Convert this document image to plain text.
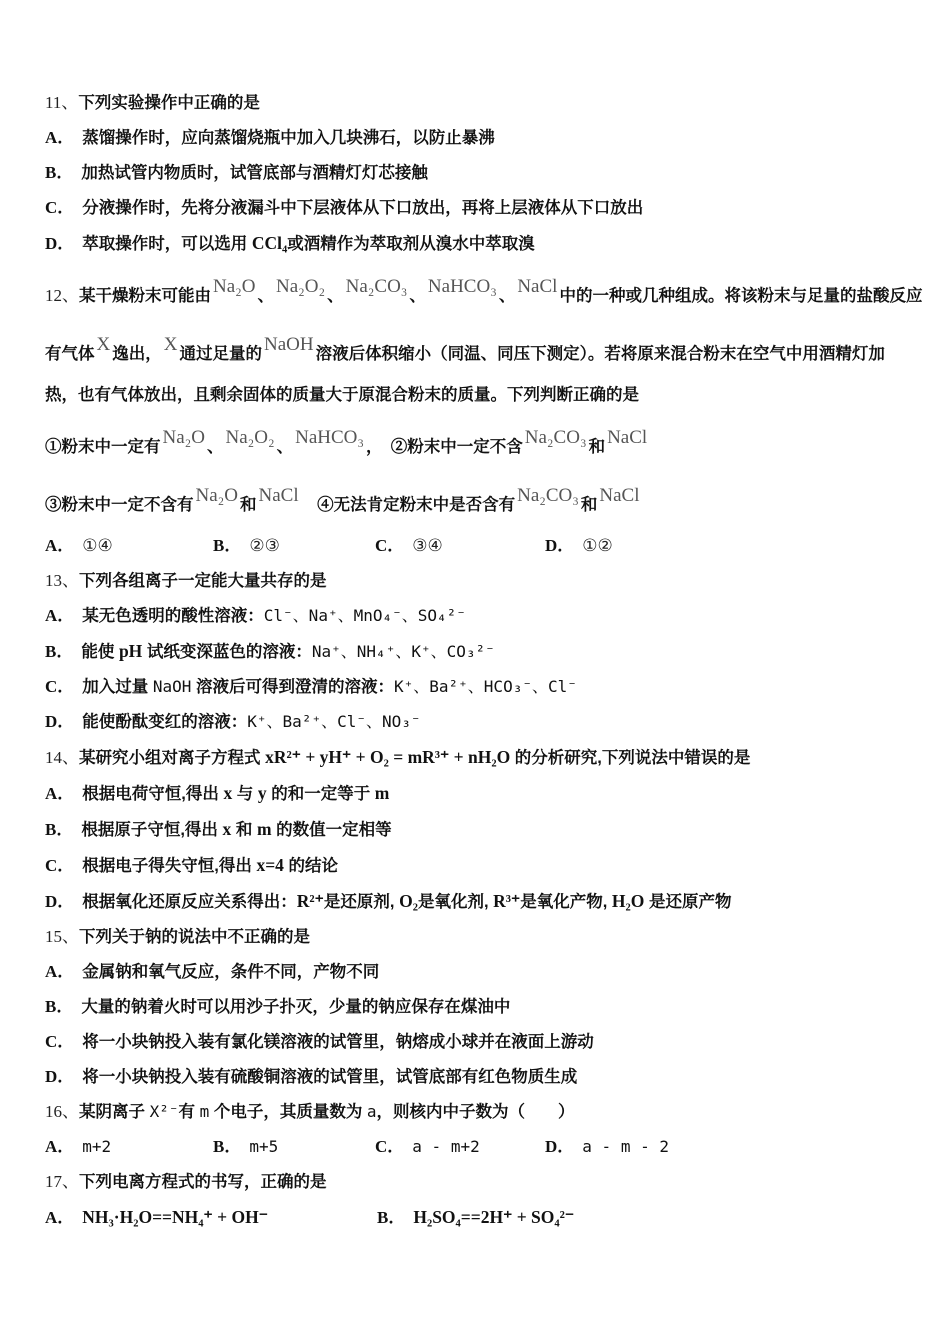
11、下列实验操作中正确的是
A． 蒸馏操作时，应向蒸馏烧瓶中加入几块沸石，以防止暴沸
B． 加热试管内物质时，试管底部与酒精灯灯芯接触
C． 分液操作时，先将分液漏斗中下层液体从下口放出，再将上层液体从下口放出
D． 萃取操作时，可以选用 CCl₄或酒精作为萃取剂从溴水中萃取溴
12、某干燥粉末可能由 Na₂O 、 Na₂O₂ 、 Na₂CO₃ 、 NaHCO₃ 、 NaCl 中的一种或几种组成。将该粉末与足量的盐酸反应
有气体 X 逸出， X 通过足量的 NaOH 溶液后体积缩小（同温、同压下测定）。若将原来混合粉末在空气中用酒精灯加
热，也有气体放出，且剩余固体的质量大于原混合粉末的质量。下列判断正确的是
①粉末中一定有 Na₂O 、 Na₂O₂ 、 NaHCO₃ ，　②粉末中一定不含 Na₂CO₃ 和 NaCl
③粉末中一定不含有 Na₂O 和 NaCl　④无法肯定粉末中是否含有 Na₂CO₃ 和 NaCl
A． ①④	B． ②③	C． ③④	D． ①②
13、下列各组离子一定能大量共存的是
A． 某无色透明的酸性溶液：Cl⁻、Na⁺、MnO₄⁻、SO₄²⁻
B． 能使 pH 试纸变深蓝色的溶液：Na⁺、NH₄⁺、K⁺、CO₃²⁻
C． 加入过量 NaOH 溶液后可得到澄清的溶液：K⁺、Ba²⁺、HCO₃⁻、Cl⁻
D． 能使酚酞变红的溶液：K⁺、Ba²⁺、Cl⁻、NO₃⁻
14、某研究小组对离子方程式 xR²⁺ + yH⁺ + O₂ = mR³⁺ + nH₂O 的分析研究,下列说法中错误的是
A． 根据电荷守恒,得出 x 与 y 的和一定等于 m
B． 根据原子守恒,得出 x 和 m 的数值一定相等
C． 根据电子得失守恒,得出 x=4 的结论
D． 根据氧化还原反应关系得出：R²⁺是还原剂, O₂是氧化剂, R³⁺是氧化产物, H₂O 是还原产物
15、下列关于钠的说法中不正确的是
A． 金属钠和氧气反应，条件不同，产物不同
B． 大量的钠着火时可以用沙子扑灭，少量的钠应保存在煤油中
C． 将一小块钠投入装有氯化镁溶液的试管里，钠熔成小球并在液面上游动
D． 将一小块钠投入装有硫酸铜溶液的试管里，试管底部有红色物质生成
16、某阴离子 X²⁻有 m 个电子，其质量数为 a，则核内中子数为（　　）
A． m+2	B． m+5	C． a - m+2	D． a - m - 2
17、下列电离方程式的书写，正确的是
A． NH₃·H₂O==NH₄⁺ + OH⁻	B． H₂SO₄==2H⁺ + SO₄²⁻
